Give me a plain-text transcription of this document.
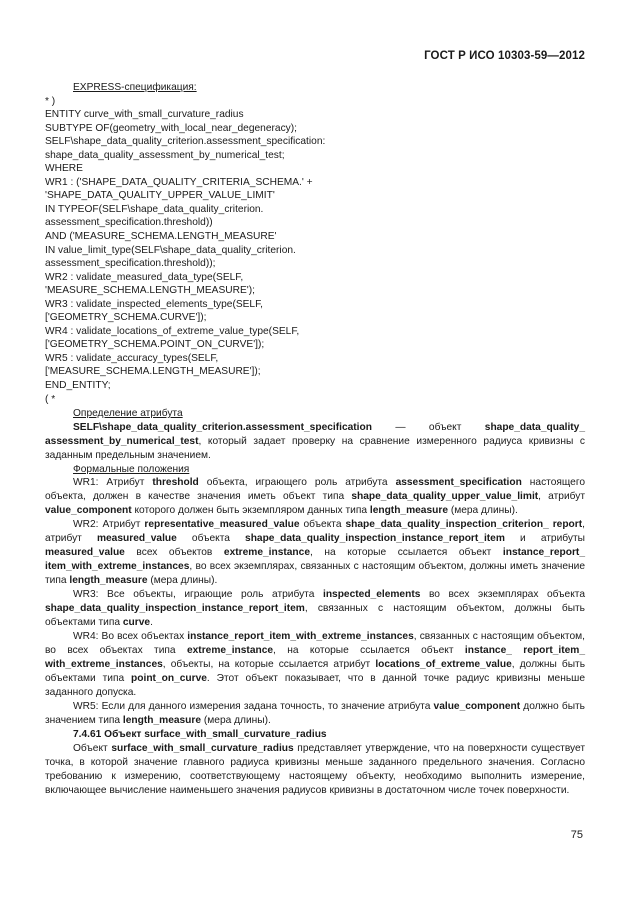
ГОСТ Р ИСО 10303-59—2012

EXPRESS-спецификация:

* )

ENTITY curve_with_small_curvature_radius

SUBTYPE OF(geometry_with_local_near_degeneracy);

SELF\shape_data_quality_criterion.assessment_specification:

shape_data_quality_assessment_by_numerical_test;

WHERE

WR1 : ('SHAPE_DATA_QUALITY_CRITERIA_SCHEMA.' +

'SHAPE_DATA_QUALITY_UPPER_VALUE_LIMIT'

IN TYPEOF(SELF\shape_data_quality_criterion.

assessment_specification.threshold))

AND ('MEASURE_SCHEMA.LENGTH_MEASURE'

IN value_limit_type(SELF\shape_data_quality_criterion.

assessment_specification.threshold));

WR2 : validate_measured_data_type(SELF,

'MEASURE_SCHEMA.LENGTH_MEASURE');

WR3 : validate_inspected_elements_type(SELF,

['GEOMETRY_SCHEMA.CURVE']);

WR4 : validate_locations_of_extreme_value_type(SELF,

['GEOMETRY_SCHEMA.POINT_ON_CURVE']);

WR5 : validate_accuracy_types(SELF,

['MEASURE_SCHEMA.LENGTH_MEASURE']);

END_ENTITY;

( *

Определение атрибута

SELF\shape_data_quality_criterion.assessment_specification — объект shape_data_quality_ assessment_by_numerical_test, который задает проверку на сравнение измеренного радиуса кривизны с заданным предельным значением.

Формальные положения

WR1: Атрибут threshold объекта, играющего роль атрибута assessment_specification настоящего объекта, должен в качестве значения иметь объект типа shape_data_quality_upper_value_limit, атрибут value_component которого должен быть экземпляром данных типа length_measure (мера длины).

WR2: Атрибут representative_measured_value объекта shape_data_quality_inspection_criterion_ report, атрибут measured_value объекта shape_data_quality_inspection_instance_report_item и атрибуты measured_value всех объектов extreme_instance, на которые ссылается объект instance_report_ item_with_extreme_instances, во всех экземплярах, связанных с настоящим объектом, должны иметь значение типа length_measure (мера длины).

WR3: Все объекты, играющие роль атрибута inspected_elements во всех экземплярах объекта shape_data_quality_inspection_instance_report_item, связанных с настоящим объектом, должны быть объектами типа curve.

WR4: Во всех объектах instance_report_item_with_extreme_instances, связанных с настоящим объектом, во всех объектах типа extreme_instance, на которые ссылается объект instance_ report_item_ with_extreme_instances, объекты, на которые ссылается атрибут locations_of_extreme_value, должны быть объектами типа point_on_curve. Этот объект показывает, что в данной точке радиус кривизны меньше заданного допуска.

WR5: Если для данного измерения задана точность, то значение атрибута value_component должно быть значением типа length_measure (мера длины).

7.4.61 Объект surface_with_small_curvature_radius

Объект surface_with_small_curvature_radius представляет утверждение, что на поверхности существует точка, в которой значение главного радиуса кривизны меньше заданного предельного значения. Согласно требованию к измерению, соответствующему настоящему объекту, необходимо выполнить измерение, включающее вычисление наименьшего значения радиусов кривизны в достаточном числе точек поверхности.

75
